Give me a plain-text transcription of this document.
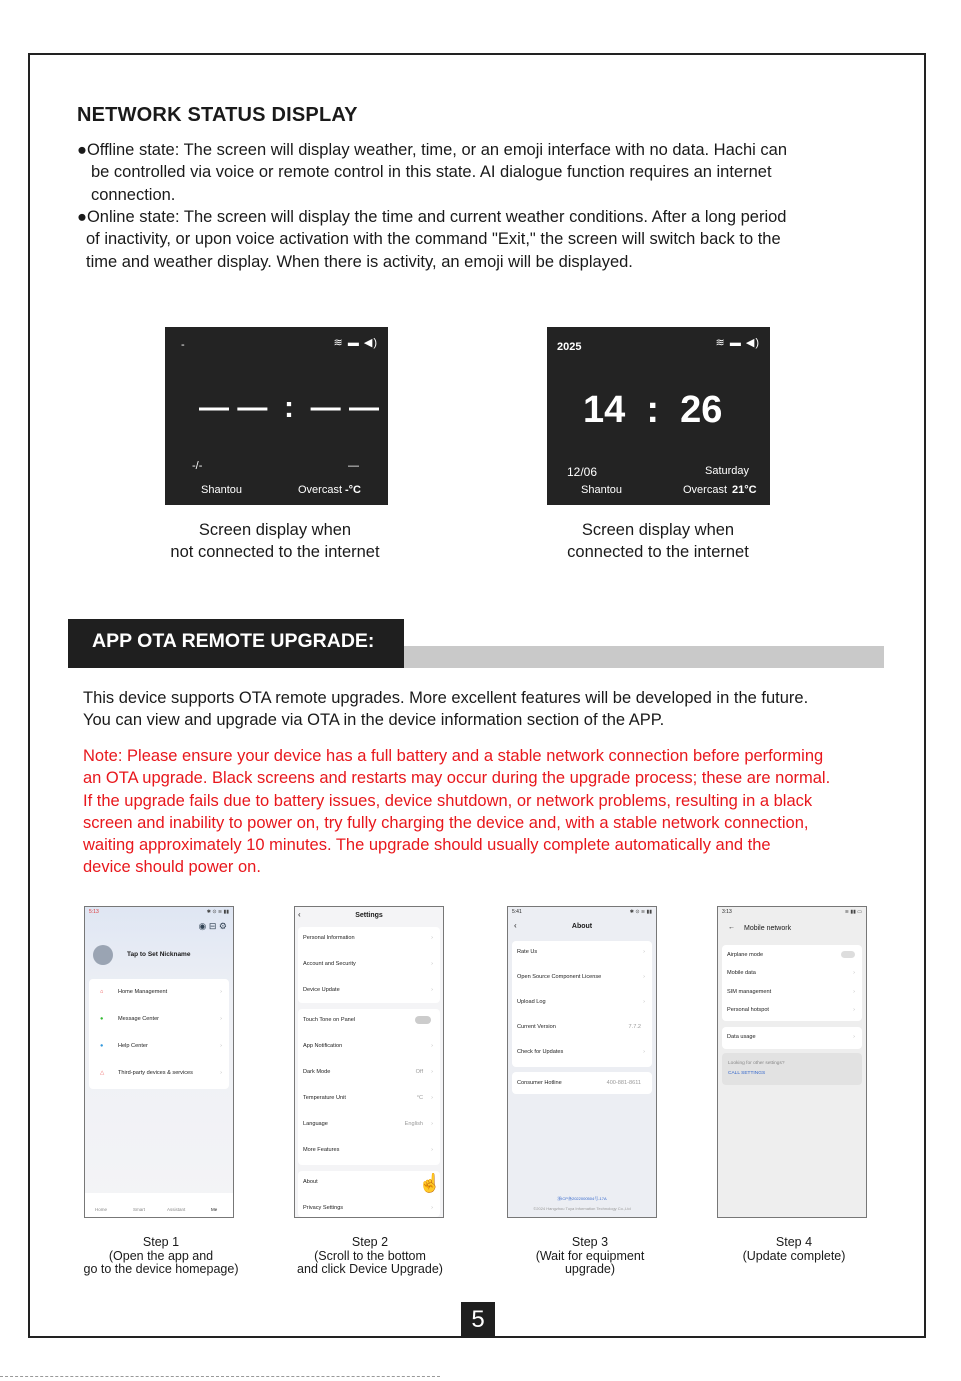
NETWORK STATUS DISPLAY
●Offline state: The screen will display weather, time, or an emoji interface with no data. Hachi can
be controlled via voice or remote control in this state. AI dialogue function requires an internet
connection.
●Online state: The screen will display the time and current weather conditions. After a long period
of inactivity, or upon voice activation with the command "Exit," the screen will switch back to the
time and weather display. When there is activity, an emoji will be displayed.
-	≋ ▬ ◀)
— —  :  — —
-/-	—
Shantou	Overcast -°C
Screen display when
not connected to the internet
2025	≋ ▬ ◀)
14  :  26
12/06	Saturday
Shantou	Overcast 21°C
Screen display when
connected to the internet
APP OTA REMOTE UPGRADE:
This device supports OTA remote upgrades. More excellent features will be developed in the future.
You can view and upgrade via OTA in the device information section of the APP.
Note: Please ensure your device has a full battery and a stable network connection before performing
an OTA upgrade. Black screens and restarts may occur during the upgrade process; these are normal.
If the upgrade fails due to battery issues, device shutdown, or network problems, resulting in a black
screen and inability to power on, try fully charging the device and, with a stable network connection,
waiting approximately 10 minutes. The upgrade should usually complete automatically and the
device should power on.
5:13	✱ ⊙ ≋ ▮▮
◉ ⊟ ⚙
Tap to Set Nickname
⌂	Home Management	›
●	Message Center	›
●	Help Center	›
△ Third-party devices & services	›
Home	Smart	Assistant	Me
Settings
‹
Personal Information	›
Account and Security	›
Device Update	›
Touch Tone on Panel
App Notification	›
Dark Mode	Off ›
Temperature Unit	°C ›
Language	English ›
More Features	›
About
Privacy Settings	›
☝
5:41	✱ ⊙ ≋ ▮▮
‹	About
Rate Us	›
Open Source Component License	›
Upload Log	›
Current Version	7.7.2
Check for Updates	›
Consumer Hotline	400-881-8611
浙ICP备2022000504号-17A
©2024 Hangzhou Tuya Information Technology Co.,Ltd
3:13	≋ ▮▮ ▭
← Mobile network
Airplane mode
Mobile data	›
SIM management	›
Personal hotspot	›
Data usage	›
Looking for other settings?
CALL SETTINGS
Step 1
(Open the app and
go to the device homepage)
Step 2
(Scroll to the bottom
and click Device Upgrade)
Step 3
(Wait for equipment
upgrade)
Step 4
(Update complete)
5
